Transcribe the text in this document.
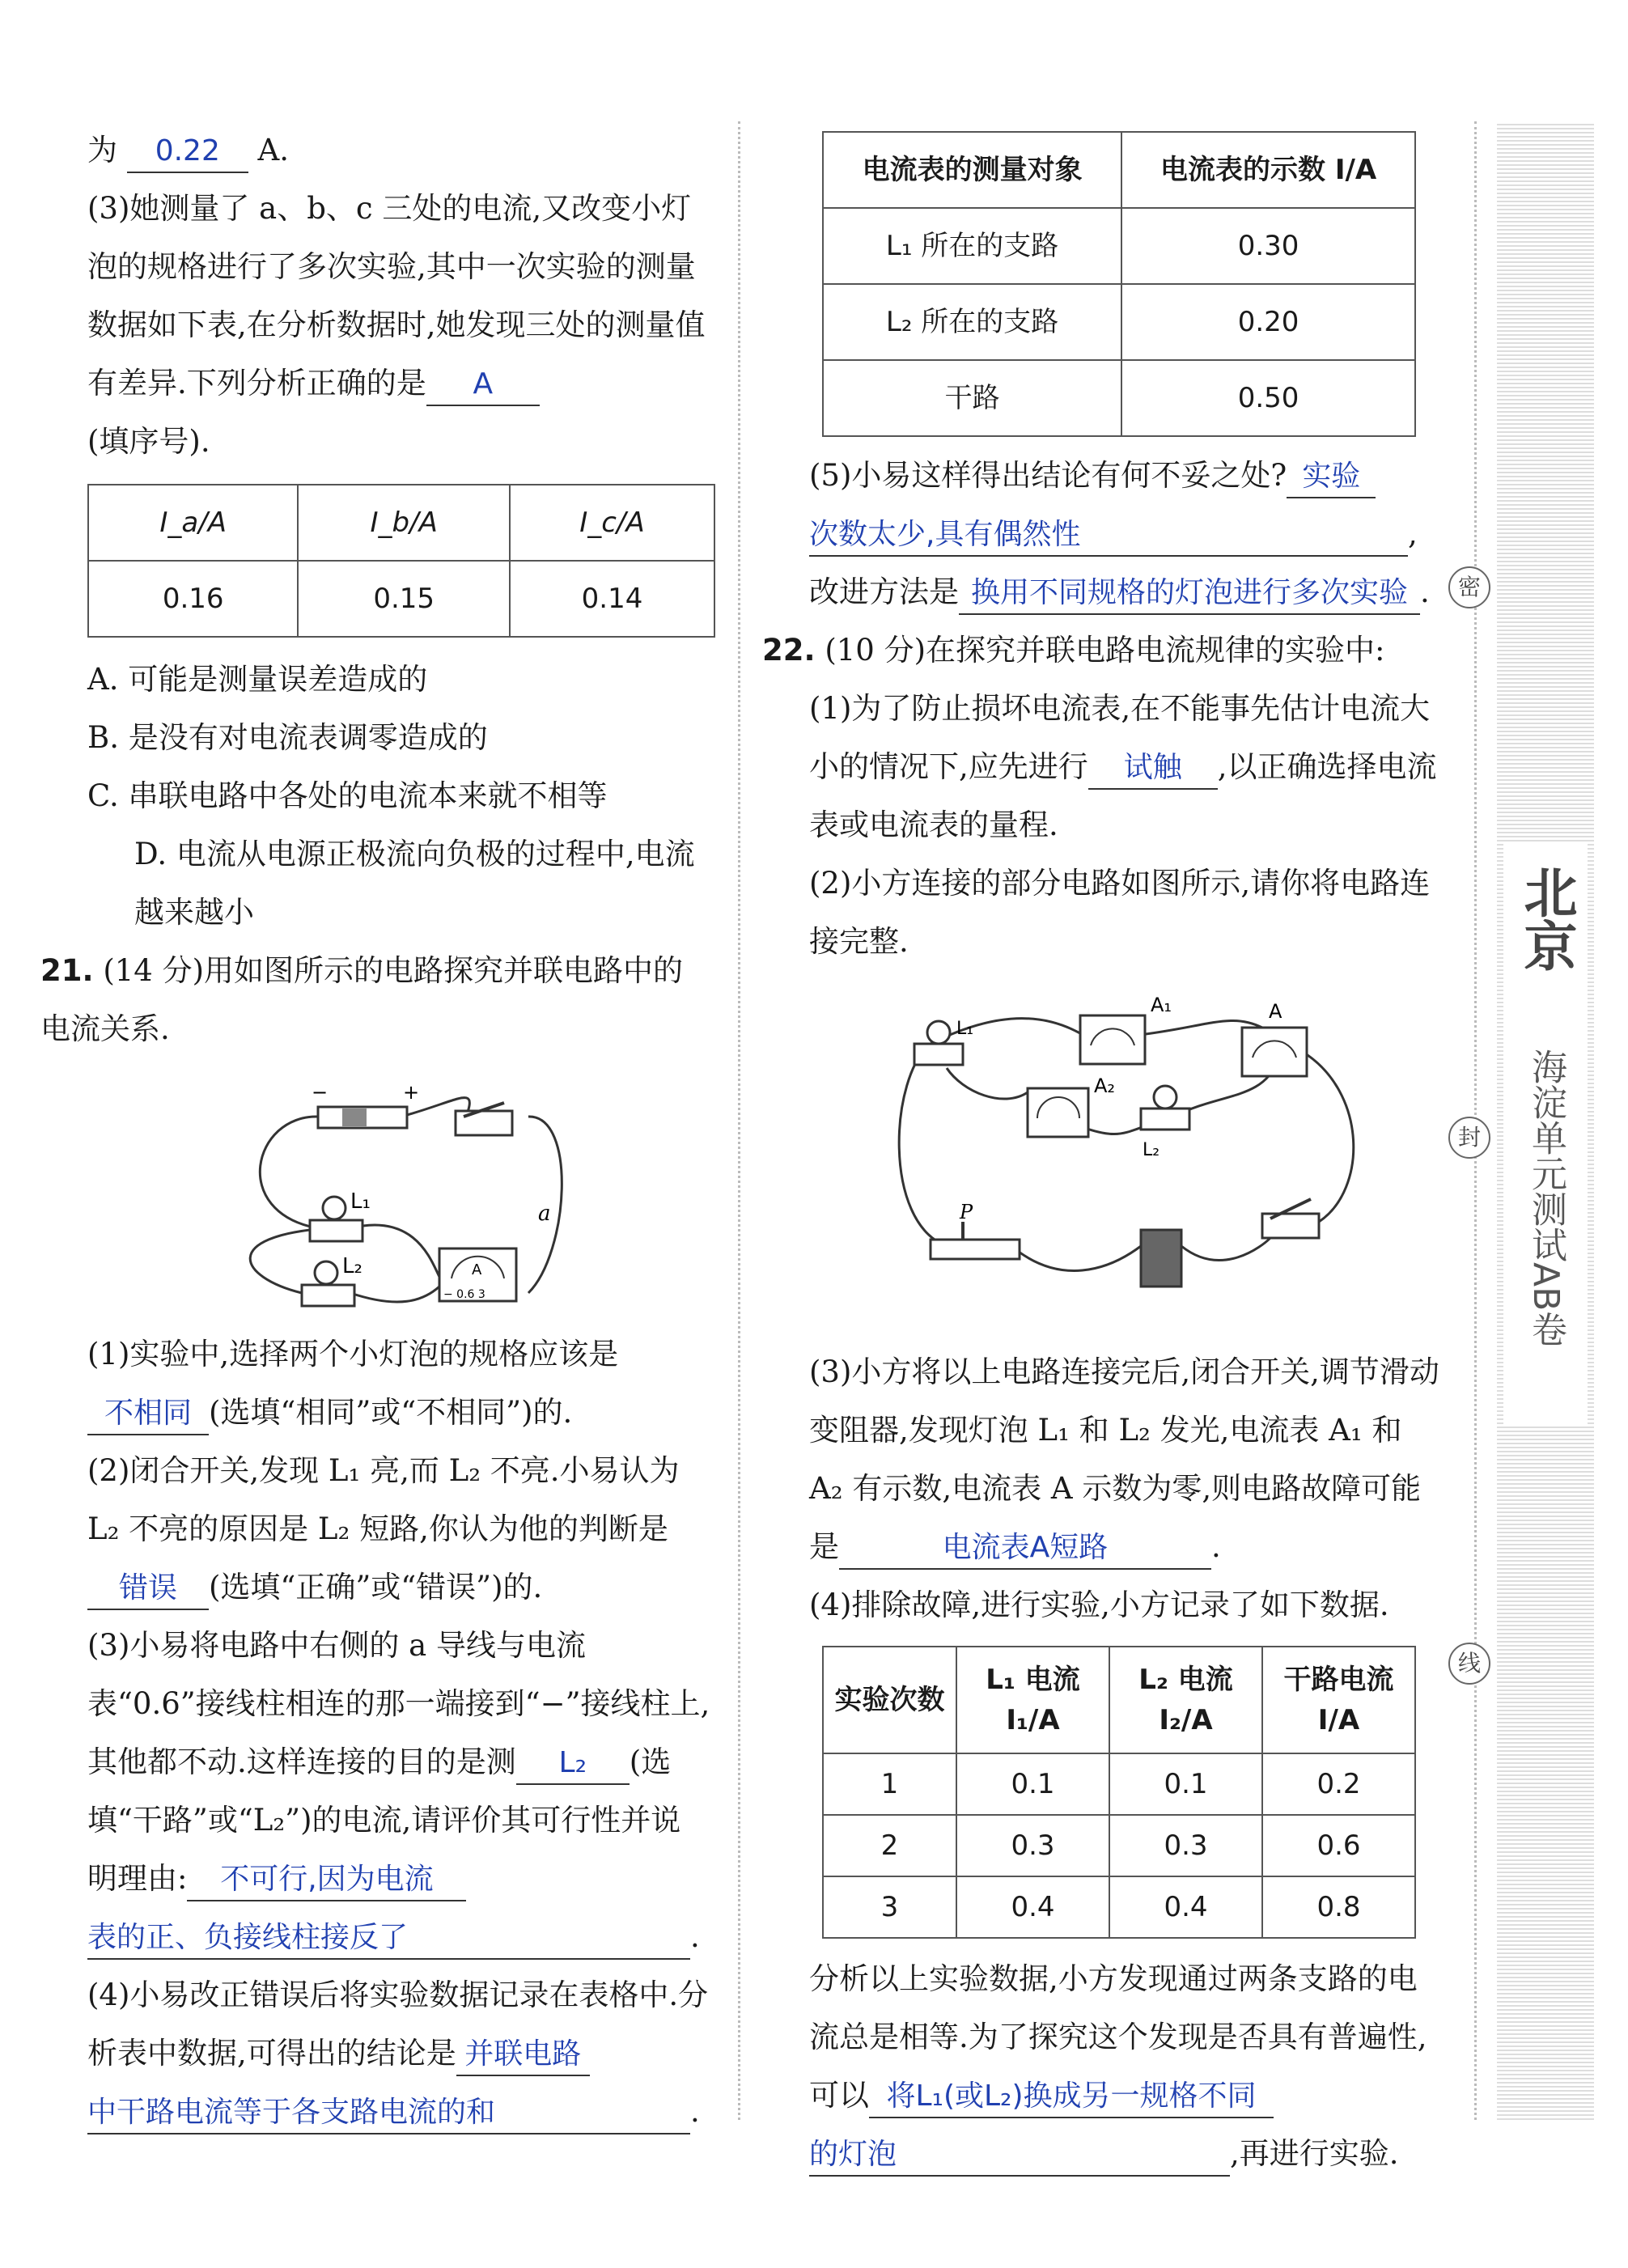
北京
海淀单元测试AB卷
密
封
线

为 0.22 A.

(3)她测量了 a、b、c 三处的电流,又改变小灯泡的规格进行了多次实验,其中一次实验的测量数据如下表,在分析数据时,她发现三处的测量值有差异.下列分析正确的是 A

(填序号).

I_a/A	I_b/A	I_c/A
0.16	0.15	0.14

A. 可能是测量误差造成的

B. 是没有对电流表调零造成的

C. 串联电路中各处的电流本来就不相等

D. 电流从电源正极流向负极的过程中,电流越来越小

21. (14 分)用如图所示的电路探究并联电路中的电流关系.

−	+
L₁
L₂	A
− 0.6 3
a

(1)实验中,选择两个小灯泡的规格应该是不相同 (选填“相同”或“不相同”)的.

(2)闭合开关,发现 L₁ 亮,而 L₂ 不亮.小易认为 L₂ 不亮的原因是 L₂ 短路,你认为他的判断是错误 (选填“正确”或“错误”)的.

(3)小易将电路中右侧的 a 导线与电流表“0.6”接线柱相连的那一端接到“−”接线柱上,其他都不动.这样连接的目的是测 L₂ (选填“干路”或“L₂”)的电流,请评价其可行性并说明理由: 不可行,因为电流表的正、负接线柱接反了	.

(4)小易改正错误后将实验数据记录在表格中.分析表中数据,可得出的结论是 并联电路中干路电流等于各支路电流的和	.

电流表的测量对象	电流表的示数 I/A
L₁ 所在的支路	0.30
L₂ 所在的支路	0.20
干路	0.50

(5)小易这样得出结论有何不妥之处? 实验次数太少,具有偶然性	,

改进方法是 换用不同规格的灯泡进行多次实验 .

22. (10 分)在探究并联电路电流规律的实验中:

(1)为了防止损坏电流表,在不能事先估计电流大小的情况下,应先进行 试触 ,以正确选择电流表或电流表的量程.

(2)小方连接的部分电路如图所示,请你将电路连接完整.

L₁
A₁	A
A₂
L₂
P

(3)小方将以上电路连接完后,闭合开关,调节滑动变阻器,发现灯泡 L₁ 和 L₂ 发光,电流表 A₁ 和 A₂ 有示数,电流表 A 示数为零,则电路故障可能是	电流表A短路	.

(4)排除故障,进行实验,小方记录了如下数据.

实验次数	L₁ 电流 I₁/A	L₂ 电流 I₂/A	干路电流 I/A
1	0.1	0.1	0.2
2	0.3	0.3	0.6
3	0.4	0.4	0.8

分析以上实验数据,小方发现通过两条支路的电流总是相等.为了探究这个发现是否具有普遍性,可以 将L₁(或L₂)换成另一规格不同的灯泡	,再进行实验.
